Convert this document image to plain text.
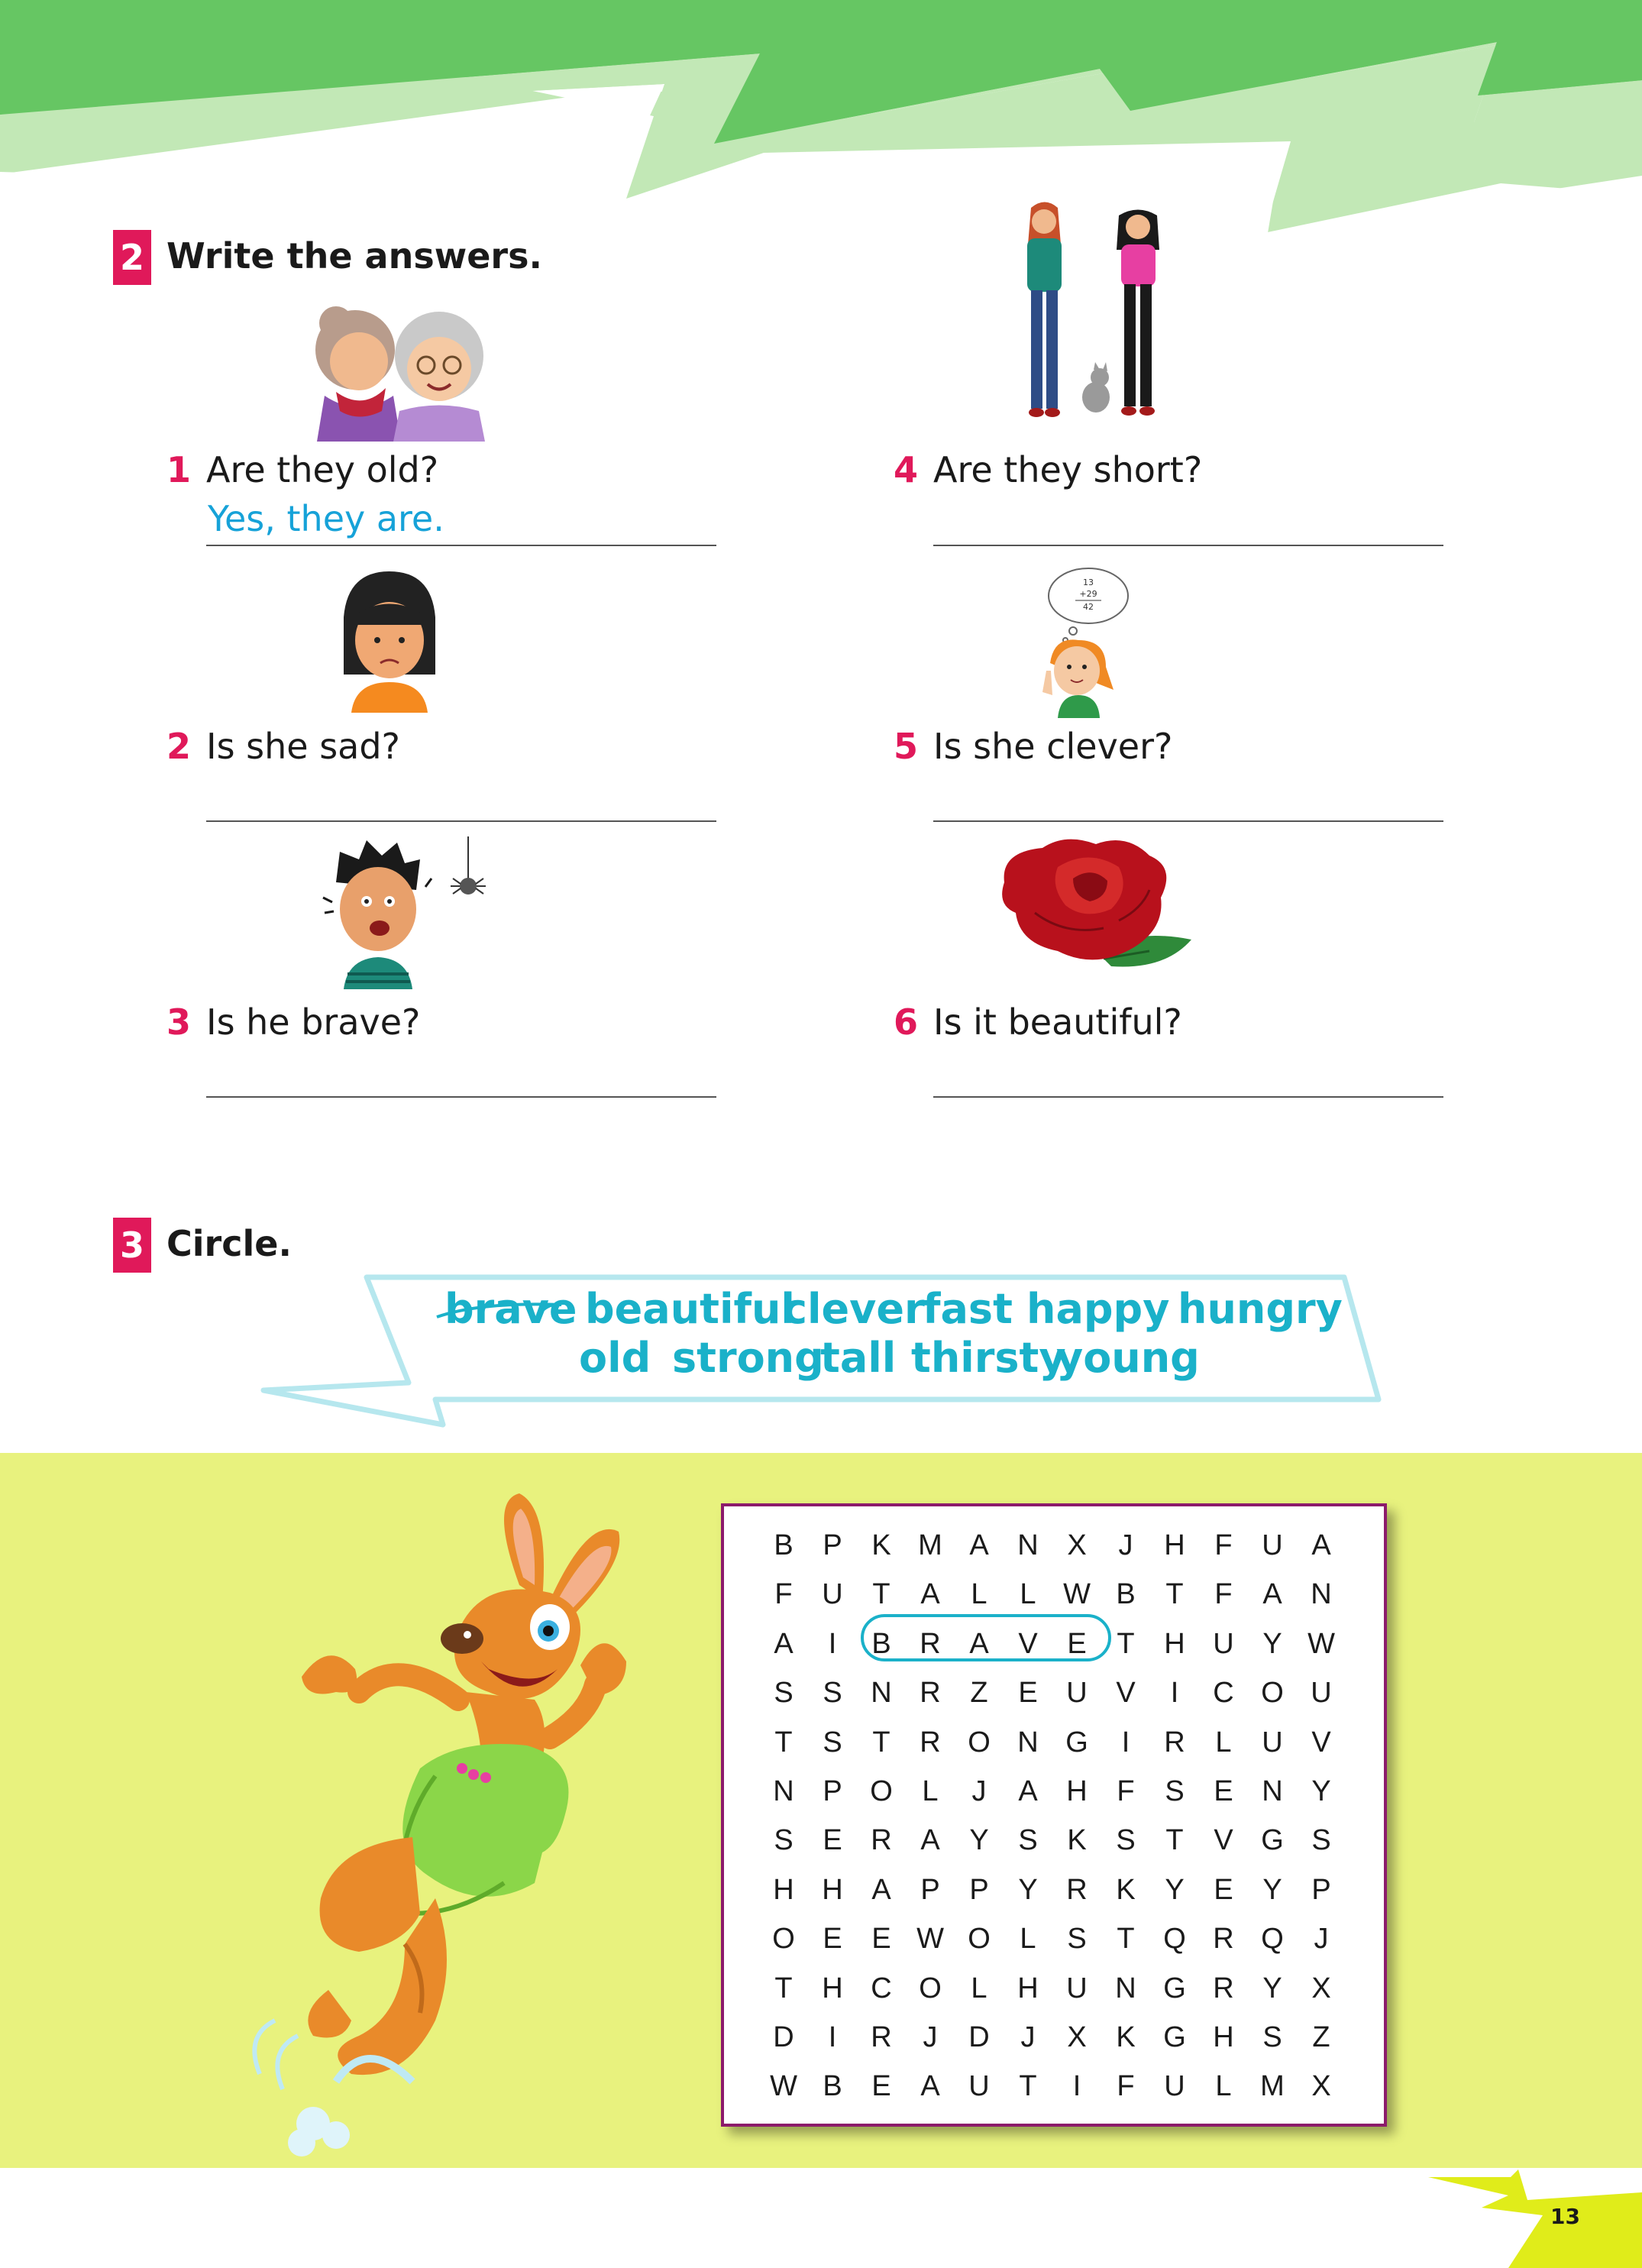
2 Write the answers.
1 Are they old?
Yes, they are.
2 Is she sad?
3 Is he brave?
4 Are they short?
13
+29
42
5 Is she clever?
6 Is it beautiful?
3 Circle.
brave beautiful
clever
fast happy hungry
old strong
tall thirsty
young
B	P	K M A N X	J	H	F	U A
F	U	T	A	L	L W B	T	F	A N
A	I	B R A	V	E	T	H U Y W
S	S N R	Z	E U V	I	C O U
T	S	T	R O N G	I	R	L	U V
N P O	L	J	A H	F	S	E N Y
S	E R A	Y	S	K	S	T	V G S
H H A	P	P	Y R K	Y	E	Y	P
O E	E W O	L	S	T Q R Q	J
T	H C O	L	H U N G R Y	X
D	I	R	J	D	J	X	K G H S	Z
W B	E	A U	T	I	F	U	L M X
13
